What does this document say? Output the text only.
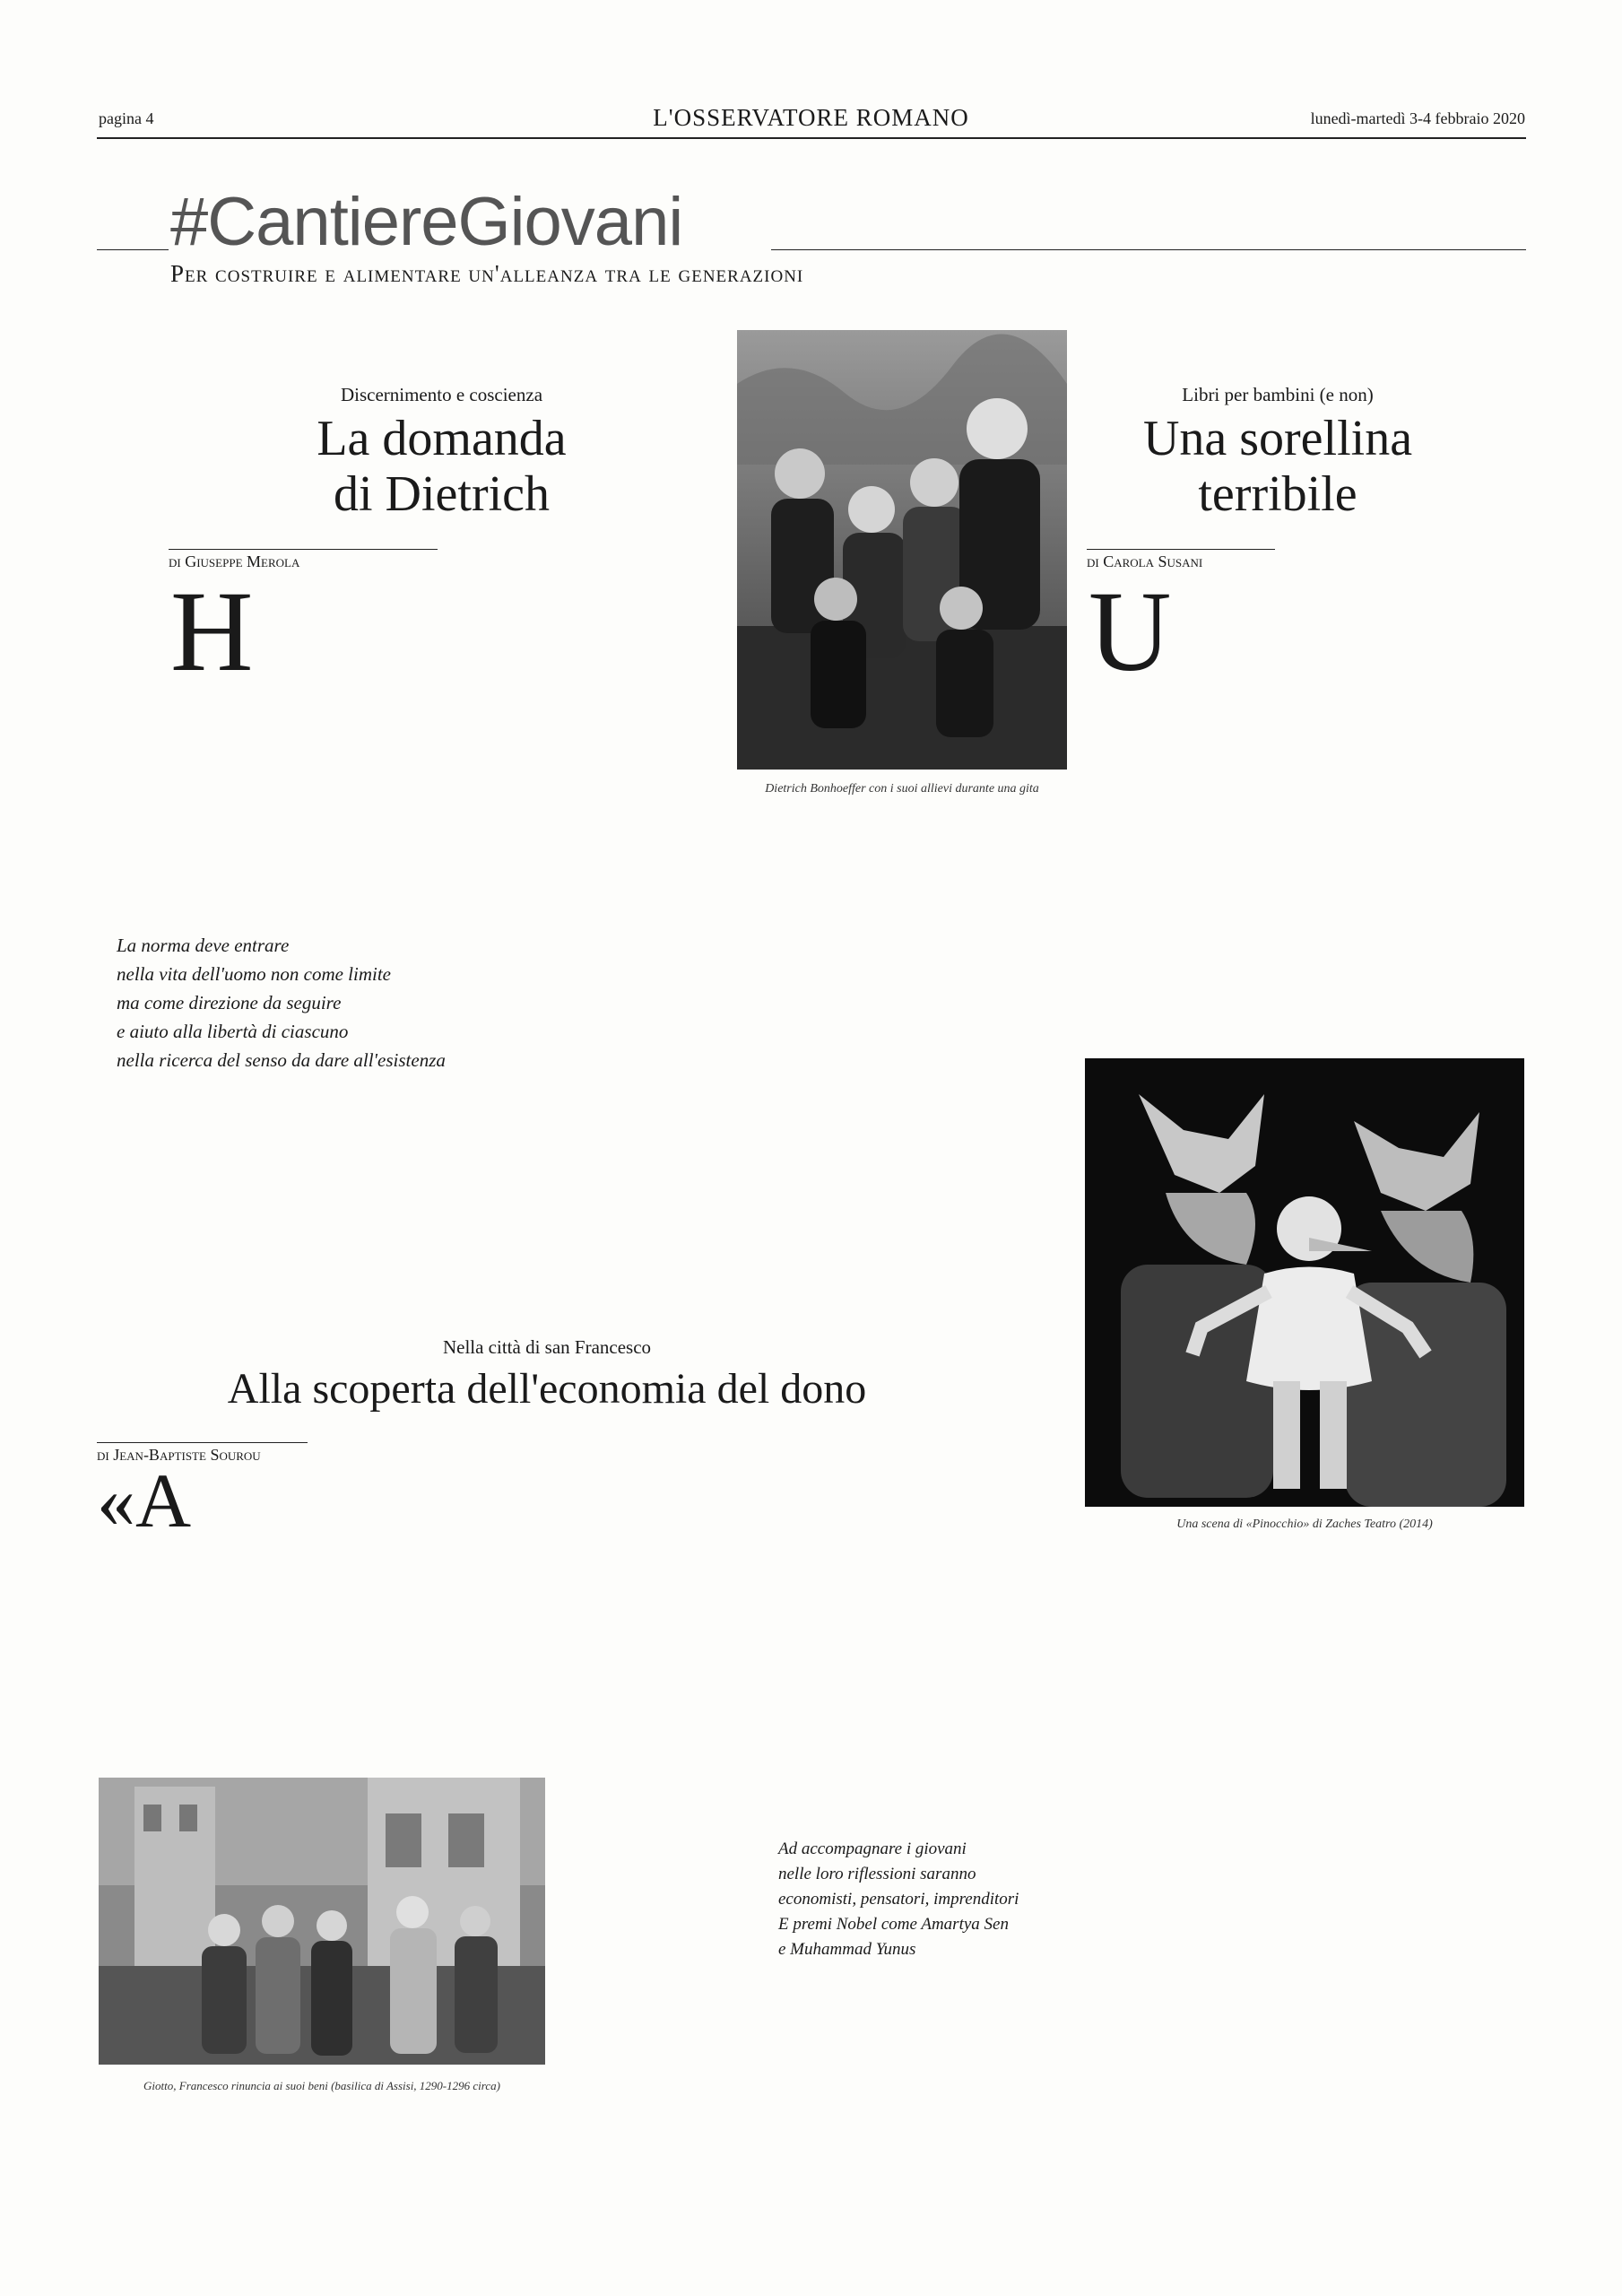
pagina 4	L'OSSERVATORE ROMANO	lunedì-martedì 3-4 febbraio 2020
#CantiereGiovani
Per costruire e alimentare un'alleanza tra le generazioni
Discernimento e coscienza
La domanda
di Dietrich
di Giuseppe Merola
H
La norma deve entrare
nella vita dell'uomo non come limite
ma come direzione da seguire
e aiuto alla libertà di ciascuno
nella ricerca del senso da dare all'esistenza
Dietrich Bonhoeffer con i suoi allievi durante una gita
Libri per bambini (e non)
Una sorellina
terribile
di Carola Susani
U
Una scena di «Pinocchio» di Zaches Teatro (2014)
Nella città di san Francesco
Alla scoperta dell'economia del dono
di Jean-Baptiste Sourou
«A
Ad accompagnare i giovani
nelle loro riflessioni saranno
economisti, pensatori, imprenditori
E premi Nobel come Amartya Sen
e Muhammad Yunus
Giotto, Francesco rinuncia ai suoi beni (basilica di Assisi, 1290-1296 circa)
